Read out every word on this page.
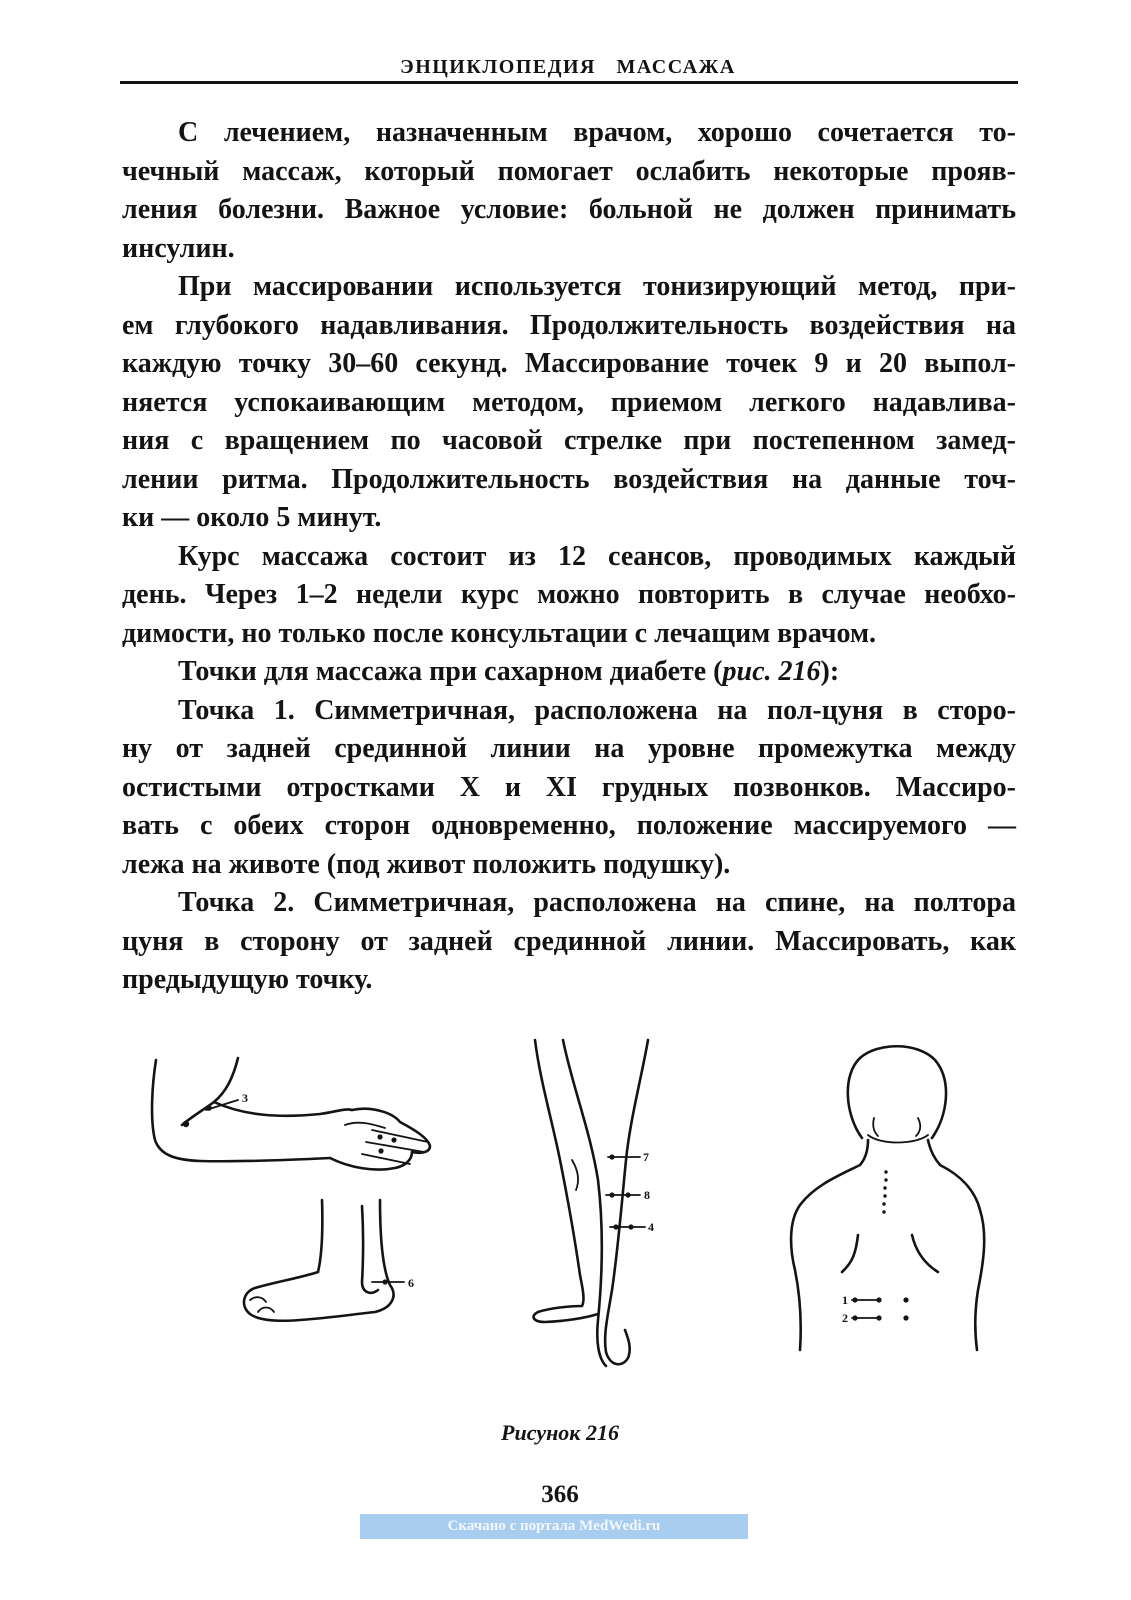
ЭНЦИКЛОПЕДИЯ МАССАЖА
С лечением, назначенным врачом, хорошо сочетается то-
чечный массаж, который помогает ослабить некоторые прояв-
ления болезни. Важное условие: больной не должен принимать
инсулин.
При массировании используется тонизирующий метод, при-
ем глубокого надавливания. Продолжительность воздействия на
каждую точку 30–60 секунд. Массирование точек 9 и 20 выпол-
няется успокаивающим методом, приемом легкого надавлива-
ния с вращением по часовой стрелке при постепенном замед-
лении ритма. Продолжительность воздействия на данные точ-
ки — около 5 минут.
Курс массажа состоит из 12 сеансов, проводимых каждый
день. Через 1–2 недели курс можно повторить в случае необхо-
димости, но только после консультации с лечащим врачом.
Точки для массажа при сахарном диабете (рис. 216):
Точка 1. Симметричная, расположена на пол-цуня в сторо-
ну от задней срединной линии на уровне промежутка между
остистыми отростками X и XI грудных позвонков. Массиро-
вать с обеих сторон одновременно, положение массируемого —
лежа на животе (под живот положить подушку).
Точка 2. Симметричная, расположена на спине, на полтора
цуня в сторону от задней срединной линии. Массировать, как
предыдущую точку.
3
6
7
8
4
1
2
Рисунок 216
366
Скачано с портала MedWedi.ru
